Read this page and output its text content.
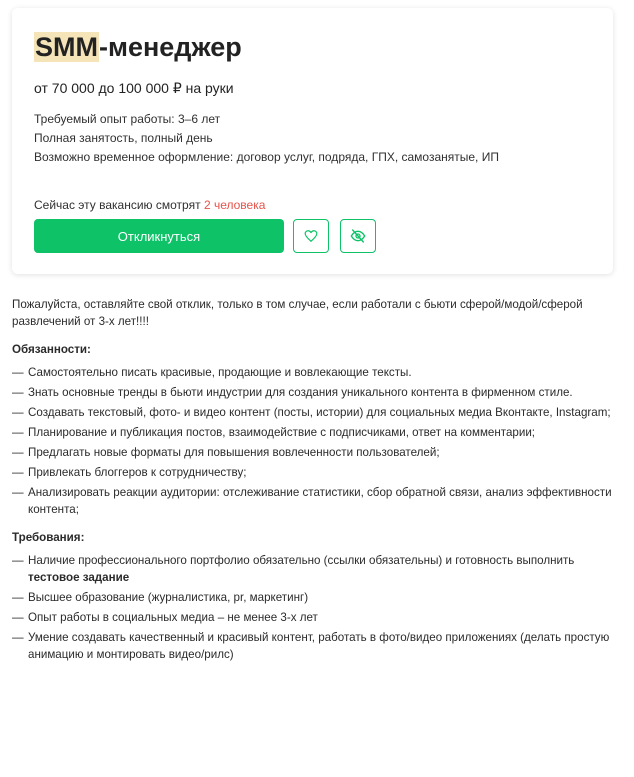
SMM-менеджер
от 70 000 до 100 000 ₽ на руки
Требуемый опыт работы: 3–6 лет
Полная занятость, полный день
Возможно временное оформление: договор услуг, подряда, ГПХ, самозанятые, ИП
Сейчас эту вакансию смотрят 2 человека
Откликнуться

Пожалуйста, оставляйте свой отклик, только в том случае, если работали с бьюти сферой/модой/сферой развлечений от 3-х лет!!!!

Обязанности:

— Самостоятельно писать красивые, продающие и вовлекающие тексты.
— Знать основные тренды в бьюти индустрии для создания уникального контента в фирменном стиле.
— Создавать текстовый, фото- и видео контент (посты, истории) для социальных медиа Вконтакте, Instagram;
— Планирование и публикация постов, взаимодействие с подписчиками, ответ на комментарии;
— Предлагать новые форматы для повышения вовлеченности пользователей;
— Привлекать блоггеров к сотрудничеству;
— Анализировать реакции аудитории: отслеживание статистики, сбор обратной связи, анализ эффективности контента;

Требования:

— Наличие профессионального портфолио обязательно (ссылки обязательны) и готовность выполнить тестовое задание
— Высшее образование (журналистика, pr, маркетинг)
— Опыт работы в социальных медиа – не менее 3-х лет
— Умение создавать качественный и красивый контент, работать в фото/видео приложениях (делать простую анимацию и монтировать видео/рилс)
